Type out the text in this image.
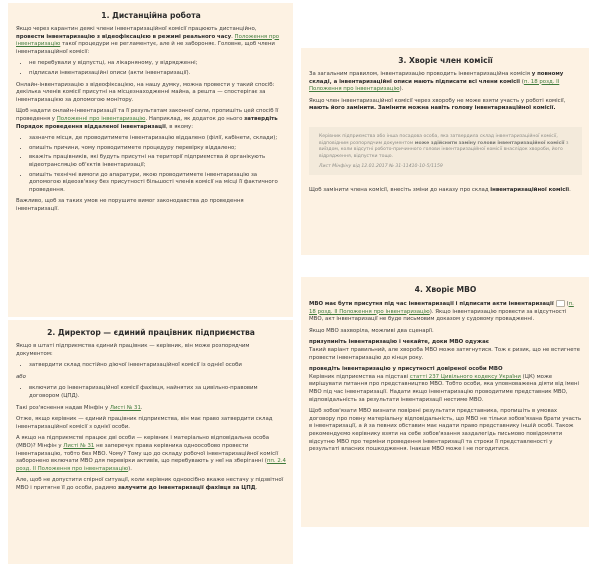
1. Дистанційна робота

Якщо через карантин деякі члени інвентаризаційної комісії працюють дистанційно, провести інвентаризацію з відеофіксацією в режимі реального часу. Положення про інвентаризацію такої процедури не регламентує, але й не забороняє. Головне, щоб члени інвентаризаційної комісії:

• не перебували у відпустці, на лікарняному, у відрядженні;
• підписали інвентаризаційні описи (акти інвентаризації).

Онлайн-інвентаризацію з відеофіксацією, на нашу думку, можна провести у такий спосіб: декілька членів комісії присутні на місцезнаходженні майна, а решта — спостерігає за інвентаризацією за допомогою монітору.

Щоб надати онлайн-інвентаризації та її результатам законної сили, пропишіть цей спосіб її проведення у Положенні про інвентаризацію. Наприклад, як додаток до нього затвердіть Порядок проведення віддаленої інвентаризації, в якому:

• зазначте місця, де проводитимете інвентаризацію віддалено (філії, кабінети, склади);
• опишіть причини, чому проводитимете процедуру перевірку віддалено;
• вкажіть працівників, які будуть присутні на території підприємства й органікують відеотрансляцію об'єктів інвентаризації;
• опишіть технічні вимоги до апаратури, якою проводитимете інвентаризацію за допомогою відеозв'язку без присутності більшості членів комісії на місці її фактичного проведення.

Важливо, щоб за таких умов не порушите вимог законодавства до проведення інвентаризації.

2. Директор — єдиний працівник підприємства

Якщо в штаті підприємства єдиний працівник — керівник, він може розпорядчим документом:

• затвердити склад постійно діючої інвентаризаційної комісії із однієї особи

або

• включити до інвентаризаційної комісії фахівця, найнятих за цивільно-правовим договором (ЦПД).

Такі роз'яснення надав Мінфін у Листі № 31.

Отже, якщо керівник — єдиний працівник підприємства, він має право затвердити склад інвентаризаційної комісії з однієї особи.

А якщо на підприємстві працює дві особи — керівник і матеріально відповідальна особа (МВО)? Мінфін у Листі № 31 не заперечує права керівника одноособово провести інвентаризацію, тобто без МВО. Чому? Тому що до складу робочої інвентаризаційної комісії заборонено включати МВО для перевірки активів, що перебувають у неї на зберіганні (пп. 2.4 розд. II Положення про інвентаризацію).

Але, щоб не допустити спірної ситуації, коли керівник одноосібно вкаже нестачу у підзвітної МВО і притягне її до особи, радимо залучити до інвентаризації фахівця за ЦПД.

3. Хворіє член комісії

За загальним правилом, інвентаризацію проводить інвентаризаційна комісія у повному складі, а інвентаризаційні описи мають підписати всі члени комісії (п. 18 розд. II Положення про інвентаризацію).

Якщо член інвентаризаційної комісії через хворобу не може взяти участь у роботі комісії, мають його замінити. Замінити можна навіть голову інвентаризаційної комісії.

Керівник підприємства або інша посадова особа, яка затвердила склад інвентаризаційної комісії, відповідним розпорядчим документом може здійснити заміну голови інвентаризаційної комісії з виїздом, коли відсутні робото-причинного голови інвентаризаційної комісії внаслідок хвороби, його відрядження, відпустки тощо.

Лист Мінфіну від 12.01.2017 № 31-11410-10-5/1159

Щоб замінити члена комісії, внесіть зміни до наказу про склад інвентаризаційної комісії.

4. Хворіє МВО

МВО має бути присутня під час інвентаризації і підписати акти інвентаризації (п. 18 розд. II Положення про інвентаризацію). Якщо інвентаризацію провести за відсутності МВО, акт інвентаризації не буде письмовим доказом у судовому провадженні.

Якщо МВО захворіла, можливі два сценарії.

призупиніть інвентаризацію і чекайте, доки МВО одужає

Такий варіант правильний, але хвороба МВО може затягнутися. Тож є ризик, що не встигнете провести інвентаризацію до кінця року.

проведіть інвентаризацію у присутності довіреної особи МВО

Керівник підприємства на підставі статті 237 Цивільного кодексу України (ЦК) може вирішувати питання про представництво МВО. Тобто особи, яка уповноважена діяти від імені МВО під час інвентаризації. Надати якщо інвентаризацію проводитиме представник МВО, відповідальність за результати інвентаризації нестиме МВО.

Щоб зобов'язати МВО визнати повірені результати представника, пропишіть в умовах договору про повну матеріальну відповідальність, що МВО не тільки зобов'язана брати участь в інвентаризації, а й за певних обставин має надати право представнику іншій особі. Також рекомендуємо керівнику взяти на себе зобов'язання заздалегідь письмово повідомляти відсутню МВО про терміни проведення інвентаризації та строки її представленості у результаті власних пошкодження. Інакше МВО може і не погодитися.
